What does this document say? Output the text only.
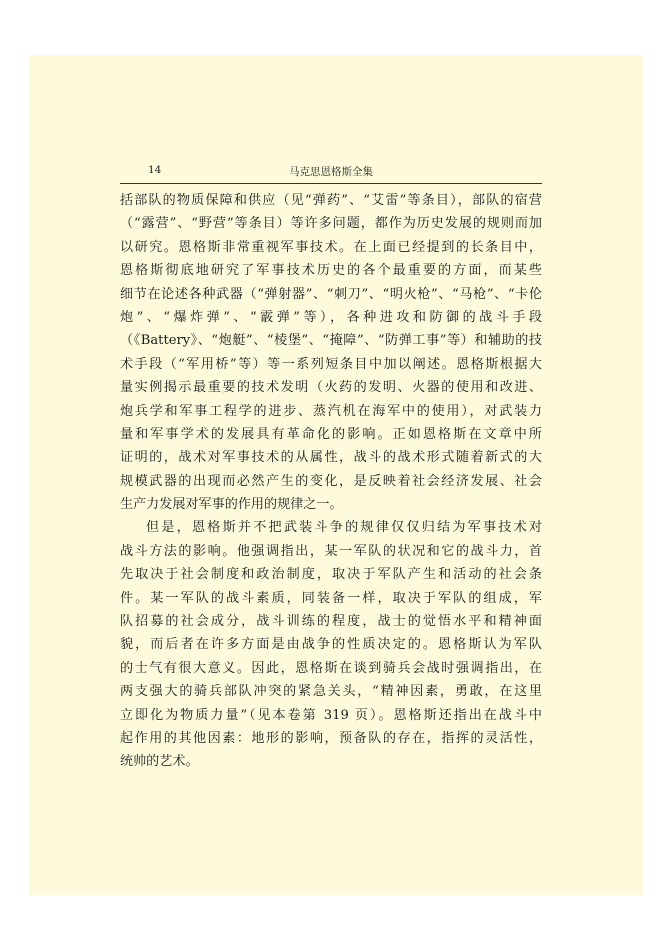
14	马克思恩格斯全集
括部队的物质保障和供应（见“弹药”、“艾雷”等条目），部队的宿营
（“露营”、“野营”等条目）等许多问题，都作为历史发展的规则而加
以研究。恩格斯非常重视军事技术。在上面已经提到的长条目中，
恩格斯彻底地研究了军事技术历史的各个最重要的方面，而某些
细节在论述各种武器（“弹射器”、“刺刀”、“明火枪”、“马枪”、“卡伦
炮”、“爆炸弹”、“霰弹”等），各种进攻和防御的战斗手段
（《Battery》、“炮艇”、“棱堡”、“掩障”、“防弹工事”等）和辅助的技
术手段（“军用桥”等）等一系列短条目中加以阐述。恩格斯根据大
量实例揭示最重要的技术发明（火药的发明、火器的使用和改进、
炮兵学和军事工程学的进步、蒸汽机在海军中的使用），对武装力
量和军事学术的发展具有革命化的影响。正如恩格斯在文章中所
证明的，战术对军事技术的从属性，战斗的战术形式随着新式的大
规模武器的出现而必然产生的变化，是反映着社会经济发展、社会
生产力发展对军事的作用的规律之一。
但是，恩格斯并不把武装斗争的规律仅仅归结为军事技术对
战斗方法的影响。他强调指出，某一军队的状况和它的战斗力，首
先取决于社会制度和政治制度，取决于军队产生和活动的社会条
件。某一军队的战斗素质，同装备一样，取决于军队的组成，军
队招募的社会成分，战斗训练的程度，战士的觉悟水平和精神面
貌，而后者在许多方面是由战争的性质决定的。恩格斯认为军队
的士气有很大意义。因此，恩格斯在谈到骑兵会战时强调指出，在
两支强大的骑兵部队冲突的紧急关头，“精神因素，勇敢，在这里
立即化为物质力量”（见本卷第 319 页）。恩格斯还指出在战斗中
起作用的其他因素：地形的影响，预备队的存在，指挥的灵活性，
统帅的艺术。
